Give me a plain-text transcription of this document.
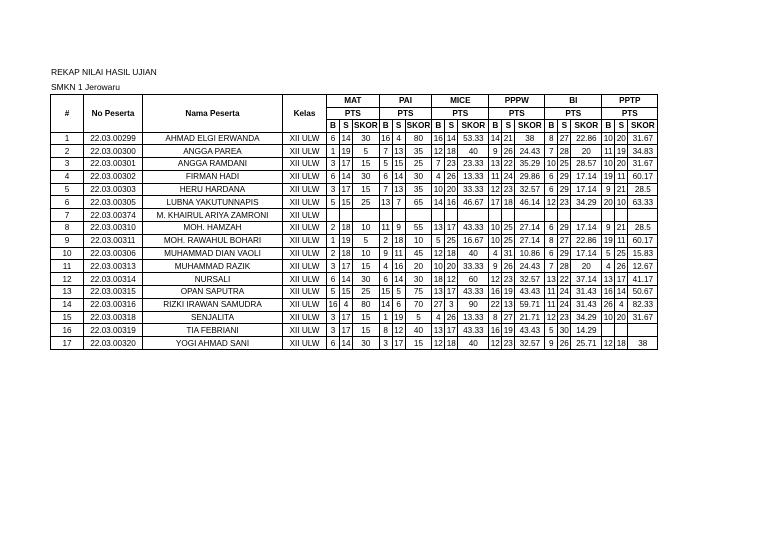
REKAP NILAI HASIL UJIAN
SMKN 1 Jerowaru
#	No Peserta	Nama Peserta	Kelas	MAT			PAI			MICE			PPPW			BI			PPTP		
				PTS			PTS			PTS			PTS			PTS			PTS		
				B	S	SKOR	B	S	SKOR	B	S	SKOR	B	S	SKOR	B	S	SKOR	B	S	SKOR
1	22.03.00299	AHMAD ELGI ERWANDA	XII ULW	6	14	30	16	4	80	16	14	53.33	14	21	38	8	27	22.86	10	20	31.67
2	22.03.00300	ANGGA PAREA	XII ULW	1	19	5	7	13	35	12	18	40	9	26	24.43	7	28	20	11	19	34.83
3	22.03.00301	ANGGA RAMDANI	XII ULW	3	17	15	5	15	25	7	23	23.33	13	22	35.29	10	25	28.57	10	20	31.67
4	22.03.00302	FIRMAN HADI	XII ULW	6	14	30	6	14	30	4	26	13.33	11	24	29.86	6	29	17.14	19	11	60.17
5	22.03.00303	HERU HARDANA	XII ULW	3	17	15	7	13	35	10	20	33.33	12	23	32.57	6	29	17.14	9	21	28.5
6	22.03.00305	LUBNA YAKUTUNNAPIS	XII ULW	5	15	25	13	7	65	14	16	46.67	17	18	46.14	12	23	34.29	20	10	63.33
7	22.03.00374	M. KHAIRUL ARIYA ZAMRONI	XII ULW																		
8	22.03.00310	MOH. HAMZAH	XII ULW	2	18	10	11	9	55	13	17	43.33	10	25	27.14	6	29	17.14	9	21	28.5
9	22.03.00311	MOH. RAWAHUL BOHARI	XII ULW	1	19	5	2	18	10	5	25	16.67	10	25	27.14	8	27	22.86	19	11	60.17
10	22.03.00306	MUHAMMAD DIAN VAOLI	XII ULW	2	18	10	9	11	45	12	18	40	4	31	10.86	6	29	17.14	5	25	15.83
11	22.03.00313	MUHAMMAD RAZIK	XII ULW	3	17	15	4	16	20	10	20	33.33	9	26	24.43	7	28	20	4	26	12.67
12	22.03.00314	NURSALI	XII ULW	6	14	30	6	14	30	18	12	60	12	23	32.57	13	22	37.14	13	17	41.17
13	22.03.00315	OPAN SAPUTRA	XII ULW	5	15	25	15	5	75	13	17	43.33	16	19	43.43	11	24	31.43	16	14	50.67
14	22.03.00316	RIZKI IRAWAN SAMUDRA	XII ULW	16	4	80	14	6	70	27	3	90	22	13	59.71	11	24	31.43	26	4	82.33
15	22.03.00318	SENJALITA	XII ULW	3	17	15	1	19	5	4	26	13.33	8	27	21.71	12	23	34.29	10	20	31.67
16	22.03.00319	TIA FEBRIANI	XII ULW	3	17	15	8	12	40	13	17	43.33	16	19	43.43	5	30	14.29			
17	22.03.00320	YOGI AHMAD SANI	XII ULW	6	14	30	3	17	15	12	18	40	12	23	32.57	9	26	25.71	12	18	38
